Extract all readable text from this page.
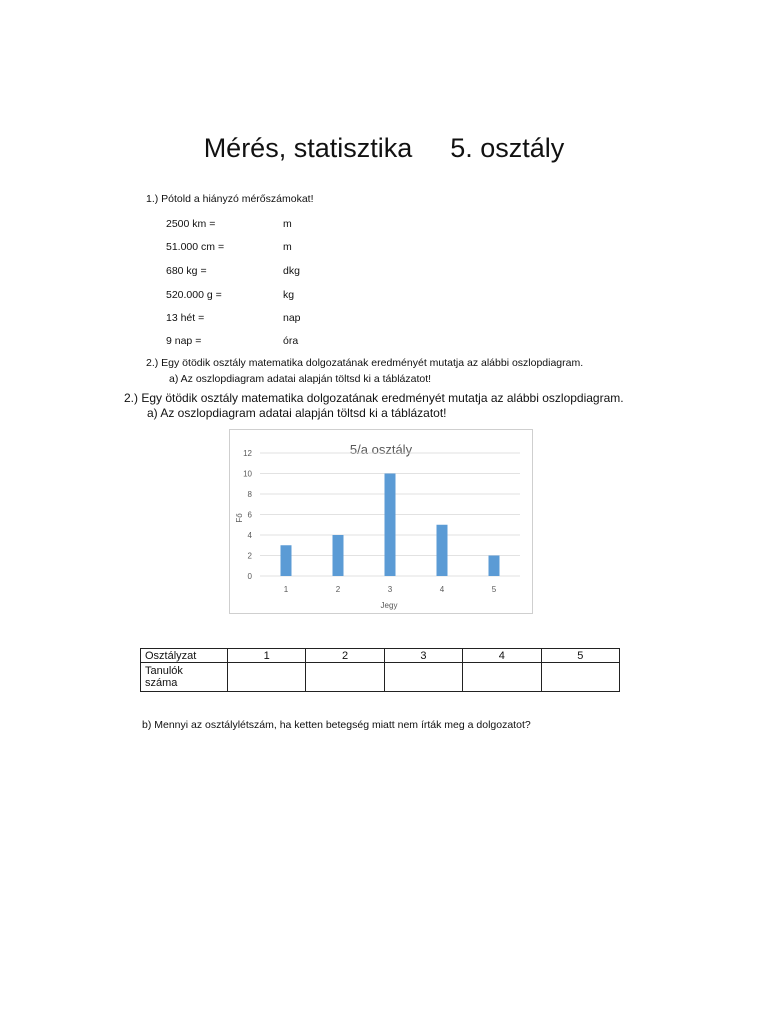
Mérés, statisztika 5. osztály
1.) Pótold a hiányzó mérőszámokat!
2500 km =	m
51.000 cm =	m
680 kg =	dkg
520.000 g =	kg
13 hét =	nap
9 nap =	óra
2.) Egy ötödik osztály matematika dolgozatának eredményét mutatja az alábbi oszlopdiagram.
a) Az oszlopdiagram adatai alapján töltsd ki a táblázatot!
2.) Egy ötödik osztály matematika dolgozatának eredményét mutatja az alábbi oszlopdiagram.
a) Az oszlopdiagram adatai alapján töltsd ki a táblázatot!
5/a osztály
0
2
4
6
8
10
12
1	2	3	4	5
Fő
Jegy
Osztályzat	1	2	3	4	5

Tanulók
száma					

b) Mennyi az osztálylétszám, ha ketten betegség miatt nem írták meg a dolgozatot?
